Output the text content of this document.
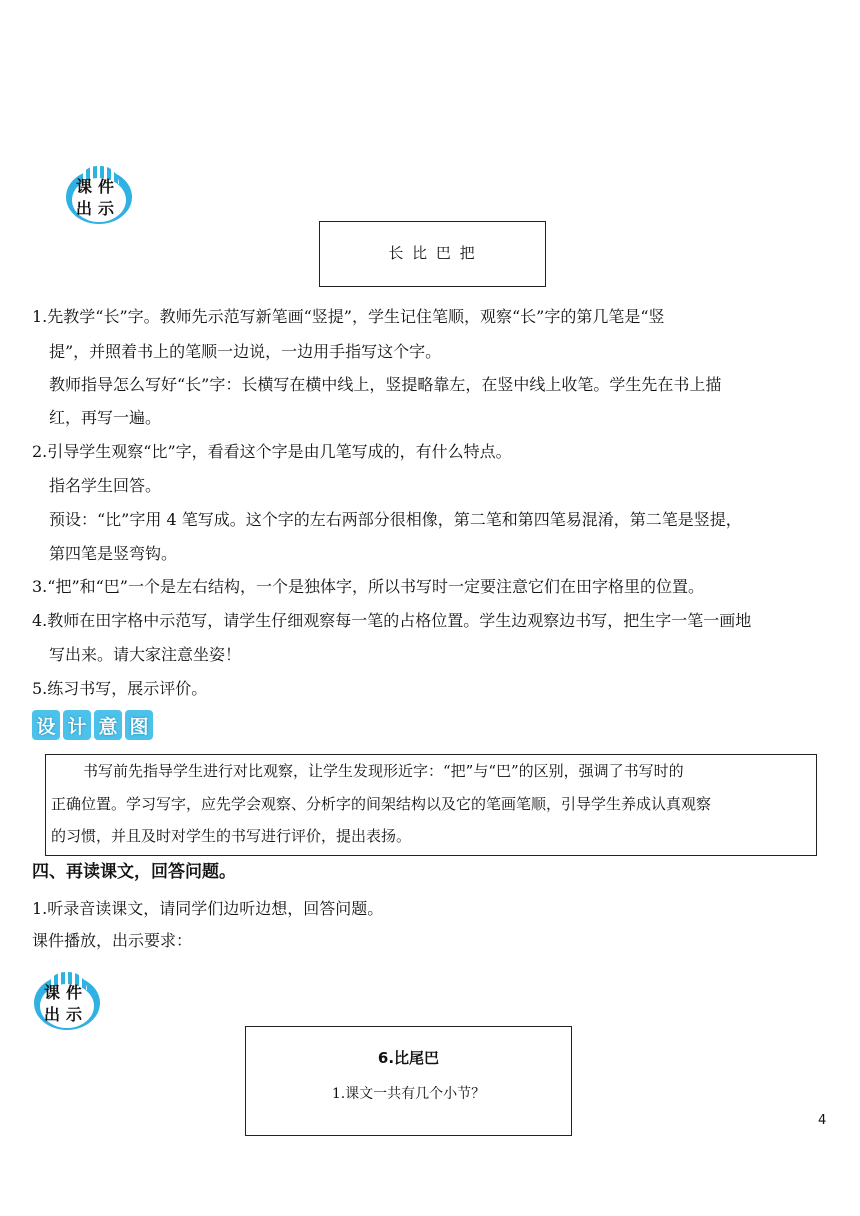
课件
出示
长 比 巴 把
1.先教学“长”字。教师先示范写新笔画“竖提”，学生记住笔顺，观察“长”字的第几笔是“竖
提”，并照着书上的笔顺一边说，一边用手指写这个字。
教师指导怎么写好“长”字：长横写在横中线上，竖提略靠左，在竖中线上收笔。学生先在书上描
红，再写一遍。
2.引导学生观察“比”字，看看这个字是由几笔写成的，有什么特点。
指名学生回答。
预设：“比”字用 4 笔写成。这个字的左右两部分很相像，第二笔和第四笔易混淆，第二笔是竖提，
第四笔是竖弯钩。
3.“把”和“巴”一个是左右结构，一个是独体字，所以书写时一定要注意它们在田字格里的位置。
4.教师在田字格中示范写，请学生仔细观察每一笔的占格位置。学生边观察边书写，把生字一笔一画地
写出来。请大家注意坐姿！
5.练习书写，展示评价。
设 计 意 图
书写前先指导学生进行对比观察，让学生发现形近字：“把”与“巴”的区别，强调了书写时的
正确位置。学习写字，应先学会观察、分析字的间架结构以及它的笔画笔顺，引导学生养成认真观察
的习惯，并且及时对学生的书写进行评价，提出表扬。
四、再读课文，回答问题。
1.听录音读课文，请同学们边听边想，回答问题。
课件播放，出示要求：
课件
出示
6.比尾巴
1.课文一共有几个小节？
4
